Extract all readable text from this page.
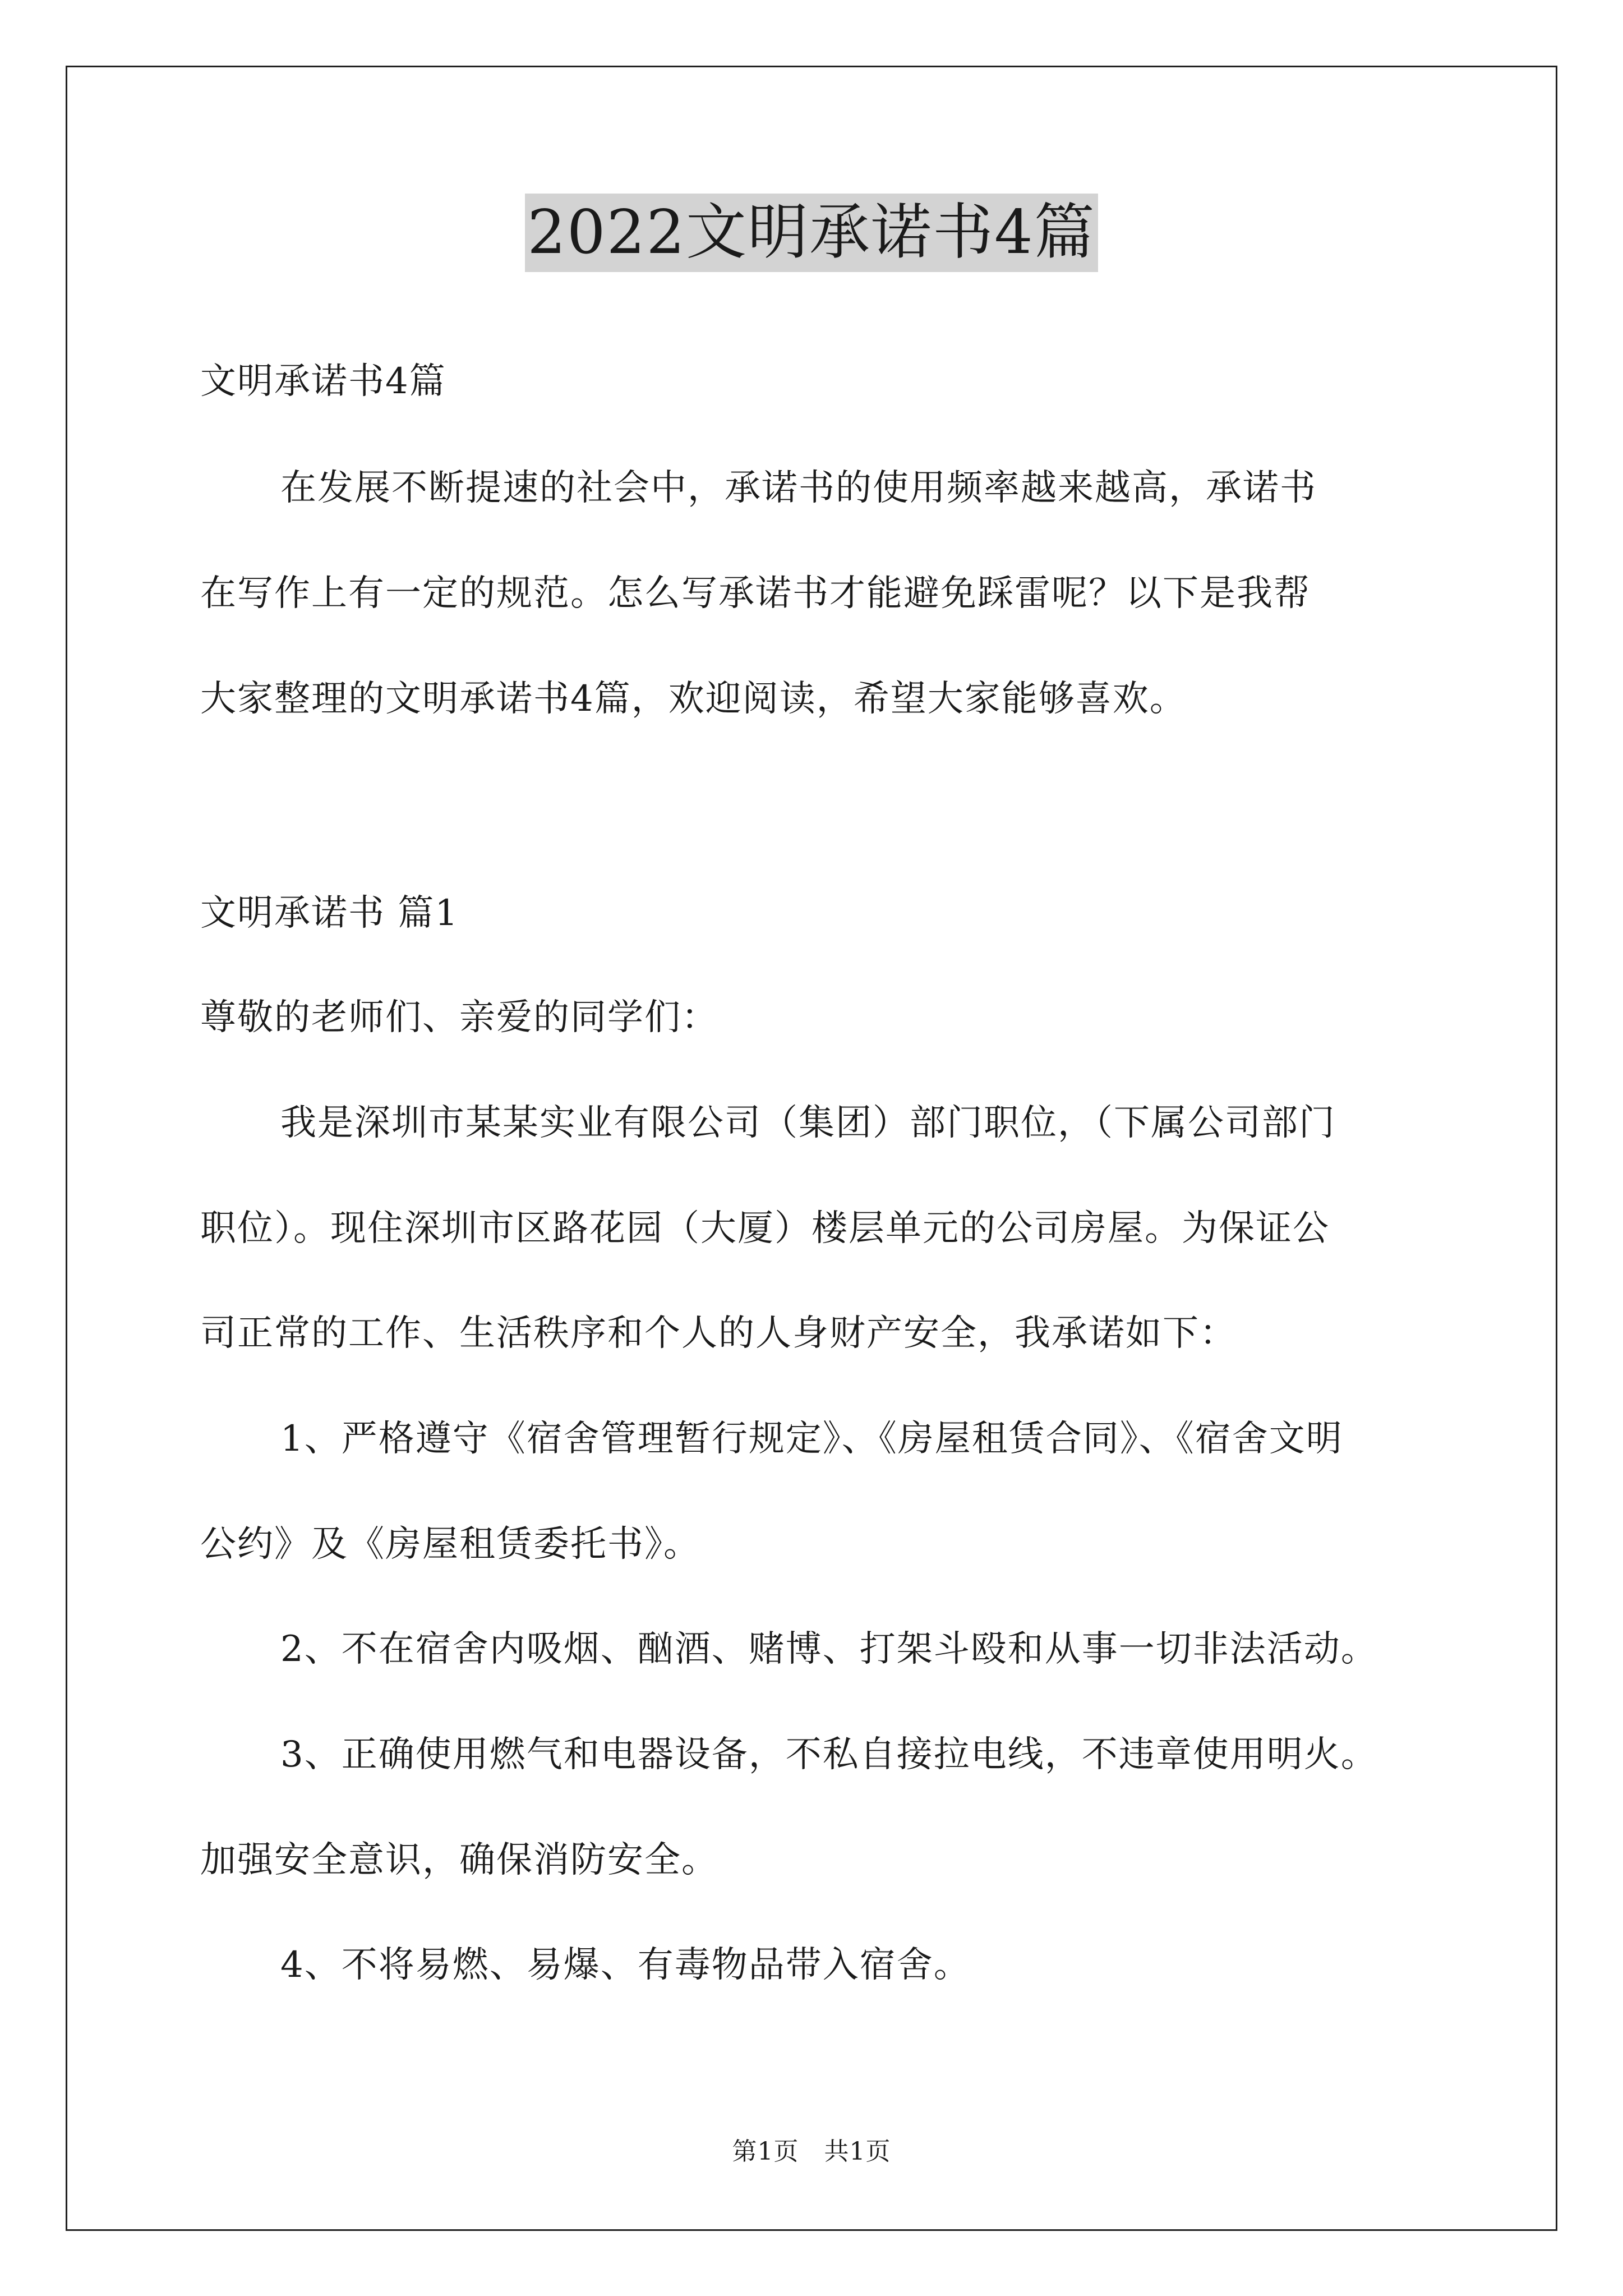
2022文明承诺书4篇
文明承诺书4篇
在发展不断提速的社会中，承诺书的使用频率越来越高，承诺书
在写作上有一定的规范。怎么写承诺书才能避免踩雷呢？以下是我帮
大家整理的文明承诺书4篇，欢迎阅读，希望大家能够喜欢。
文明承诺书 篇1
尊敬的老师们、亲爱的同学们：
我是深圳市某某实业有限公司（集团）部门职位，（下属公司部门
职位）。现住深圳市区路花园（大厦）楼层单元的公司房屋。为保证公
司正常的工作、生活秩序和个人的人身财产安全，我承诺如下：
1、严格遵守《宿舍管理暂行规定》、《房屋租赁合同》、《宿舍文明
公约》及《房屋租赁委托书》。
2、不在宿舍内吸烟、酗酒、赌博、打架斗殴和从事一切非法活动。
3、正确使用燃气和电器设备，不私自接拉电线，不违章使用明火。
加强安全意识，确保消防安全。
4、不将易燃、易爆、有毒物品带入宿舍。
第1页　共1页
